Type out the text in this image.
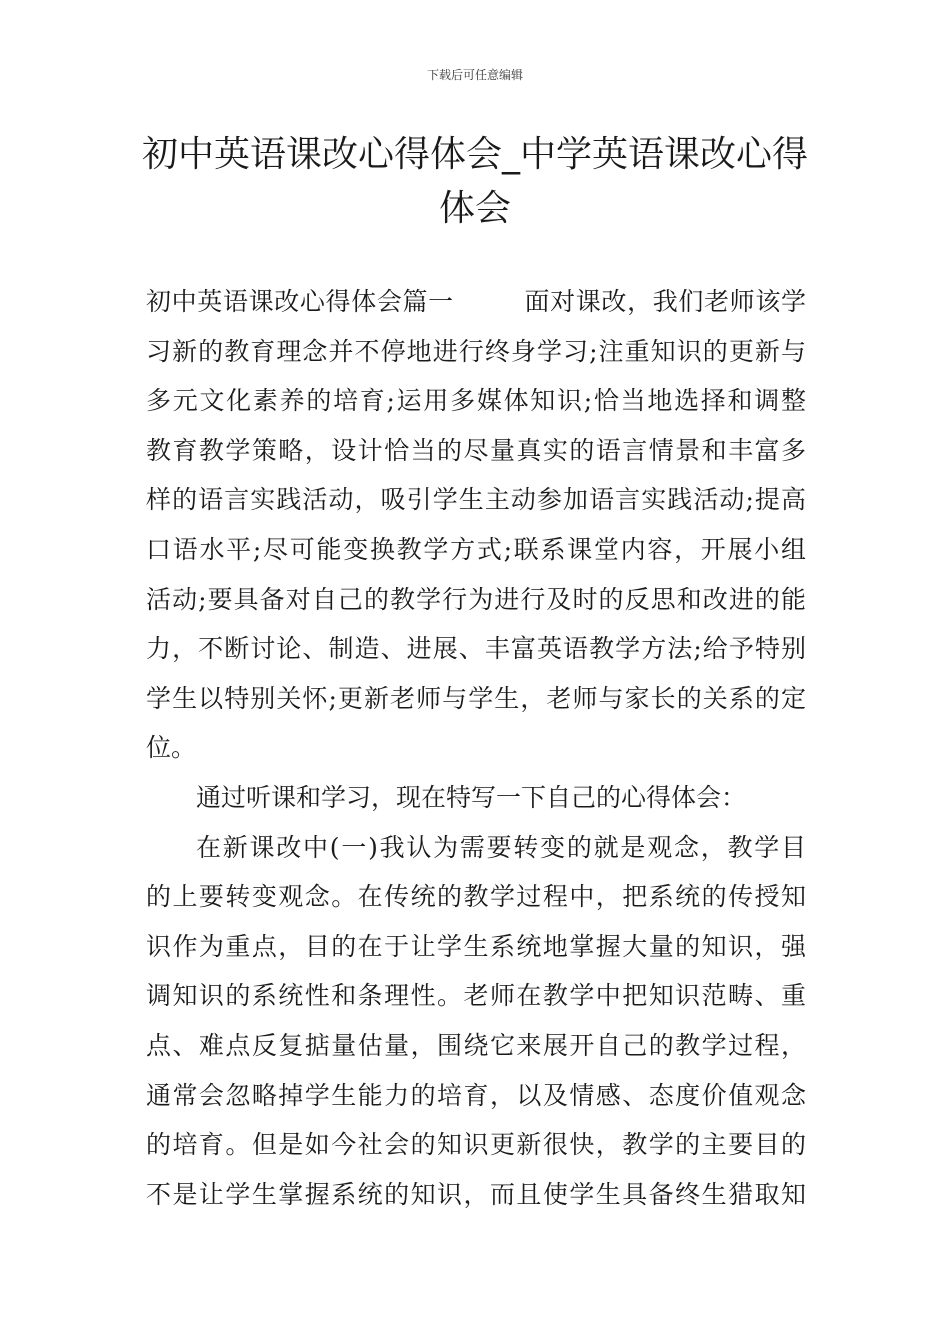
下载后可任意编辑
初中英语课改心得体会_中学英语课改心得
体会
初中英语课改心得体会篇一	面对课改，我们老师该学
习新的教育理念并不停地进行终身学习;注重知识的更新与
多元文化素养的培育;运用多媒体知识;恰当地选择和调整
教育教学策略，设计恰当的尽量真实的语言情景和丰富多
样的语言实践活动，吸引学生主动参加语言实践活动;提高
口语水平;尽可能变换教学方式;联系课堂内容，开展小组
活动;要具备对自己的教学行为进行及时的反思和改进的能
力，不断讨论、制造、进展、丰富英语教学方法;给予特别
学生以特别关怀;更新老师与学生，老师与家长的关系的定
位。
通过听课和学习，现在特写一下自己的心得体会：
在新课改中(一)我认为需要转变的就是观念，教学目
的上要转变观念。在传统的教学过程中，把系统的传授知
识作为重点，目的在于让学生系统地掌握大量的知识，强
调知识的系统性和条理性。老师在教学中把知识范畴、重
点、难点反复掂量估量，围绕它来展开自己的教学过程，
通常会忽略掉学生能力的培育，以及情感、态度价值观念
的培育。但是如今社会的知识更新很快，教学的主要目的
不是让学生掌握系统的知识，而且使学生具备终生猎取知
